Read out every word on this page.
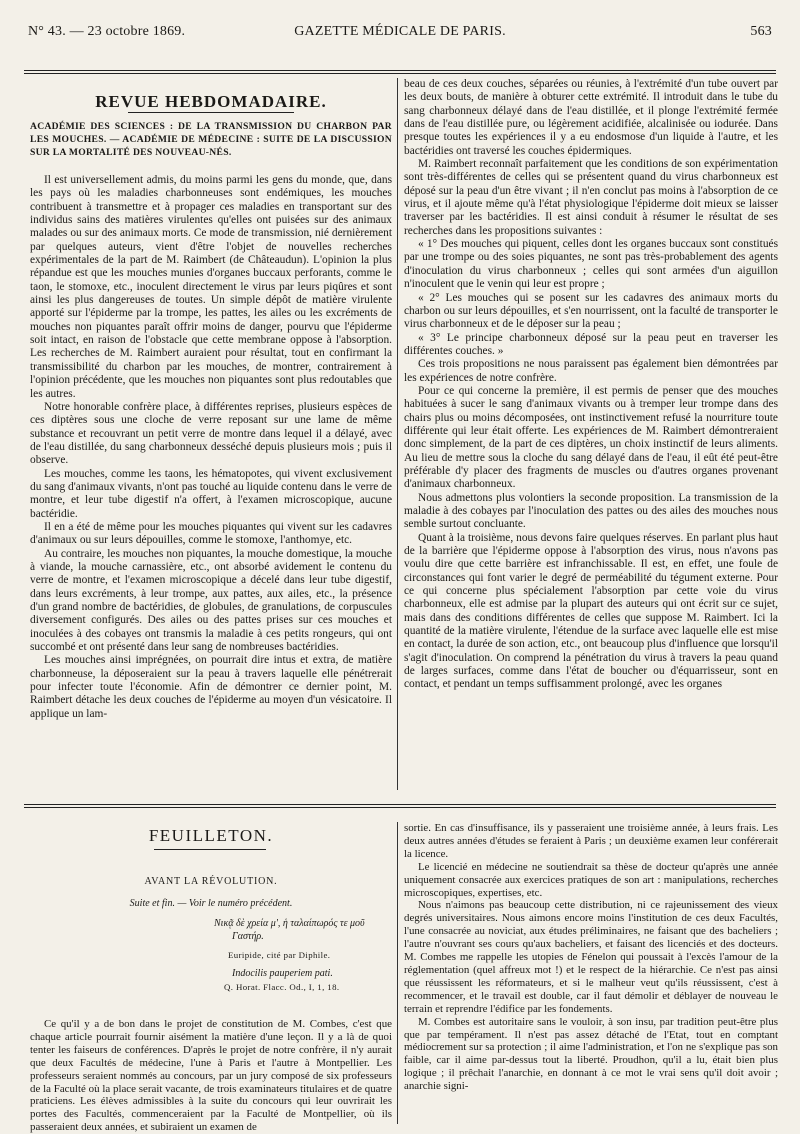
N° 43. — 23 octobre 1869.	GAZETTE MÉDICALE DE PARIS.	563
REVUE HEBDOMADAIRE.
ACADÉMIE DES SCIENCES : DE LA TRANSMISSION DU CHARBON PAR LES MOUCHES. — ACADÉMIE DE MÉDECINE : SUITE DE LA DISCUSSION SUR LA MORTALITÉ DES NOUVEAU-NÉS.

Il est universellement admis, du moins parmi les gens du monde, que, dans les pays où les maladies charbonneuses sont endémiques, les mouches contribuent à transmettre et à propager ces maladies en transportant sur des individus sains des matières virulentes qu'elles ont puisées sur des animaux malades ou sur des animaux morts. Ce mode de transmission, nié dernièrement par quelques auteurs, vient d'être l'objet de nouvelles recherches expérimentales de la part de M. Raimbert (de Châteaudun). L'opinion la plus répandue est que les mouches munies d'organes buccaux perforants, comme le taon, le stomoxe, etc., inoculent directement le virus par leurs piqûres et sont ainsi les plus dangereuses de toutes. Un simple dépôt de matière virulente apporté sur l'épiderme par la trompe, les pattes, les ailes ou les excréments de mouches non piquantes paraît offrir moins de danger, pourvu que l'épiderme soit intact, en raison de l'obstacle que cette membrane oppose à l'absorption. Les recherches de M. Raimbert auraient pour résultat, tout en confirmant la transmissibilité du charbon par les mouches, de montrer, contrairement à l'opinion précédente, que les mouches non piquantes sont plus redoutables que les autres.

Notre honorable confrère place, à différentes reprises, plusieurs espèces de ces diptères sous une cloche de verre reposant sur une lame de même substance et recouvrant un petit verre de montre dans lequel il a délayé, avec de l'eau distillée, du sang charbonneux desséché depuis plusieurs mois ; puis il observe.

Les mouches, comme les taons, les hématopotes, qui vivent exclusivement du sang d'animaux vivants, n'ont pas touché au liquide contenu dans le verre de montre, et leur tube digestif n'a offert, à l'examen microscopique, aucune bactéridie.

Il en a été de même pour les mouches piquantes qui vivent sur les cadavres d'animaux ou sur leurs dépouilles, comme le stomoxe, l'anthomye, etc.

Au contraire, les mouches non piquantes, la mouche domestique, la mouche à viande, la mouche carnassière, etc., ont absorbé avidement le contenu du verre de montre, et l'examen microscopique a décelé dans leur tube digestif, dans leurs excréments, à leur trompe, aux pattes, aux ailes, etc., la présence d'un grand nombre de bactéridies, de globules, de granulations, de corpuscules diversement configurés. Des ailes ou des pattes prises sur ces mouches et inoculées à des cobayes ont transmis la maladie à ces petits rongeurs, qui ont succombé et ont présenté dans leur sang de nombreuses bactéridies.

Les mouches ainsi imprégnées, on pourrait dire intus et extra, de matière charbonneuse, la déposeraient sur la peau à travers laquelle elle pénétrerait pour infecter toute l'économie. Afin de démontrer ce dernier point, M. Raimbert détache les deux couches de l'épiderme au moyen d'un vésicatoire. Il applique un lam-

beau de ces deux couches, séparées ou réunies, à l'extrémité d'un tube ouvert par les deux bouts, de manière à obturer cette extrémité. Il introduit dans le tube du sang charbonneux délayé dans de l'eau distillée, et il plonge l'extrémité fermée dans de l'eau distillée pure, ou légèrement acidifiée, alcalinisée ou iodurée. Dans presque toutes les expériences il y a eu endosmose d'un liquide à l'autre, et les bactéridies ont traversé les couches épidermiques.

M. Raimbert reconnaît parfaitement que les conditions de son expérimentation sont très-différentes de celles qui se présentent quand du virus charbonneux est déposé sur la peau d'un être vivant ; il n'en conclut pas moins à l'absorption de ce virus, et il ajoute même qu'à l'état physiologique l'épiderme doit mieux se laisser traverser par les bactéridies. Il est ainsi conduit à résumer le résultat de ses recherches dans les propositions suivantes :

« 1° Des mouches qui piquent, celles dont les organes buccaux sont constitués par une trompe ou des soies piquantes, ne sont pas très-probablement des agents d'inoculation du virus charbonneux ; celles qui sont armées d'un aiguillon n'inoculent que le venin qui leur est propre ;

« 2° Les mouches qui se posent sur les cadavres des animaux morts du charbon ou sur leurs dépouilles, et s'en nourrissent, ont la faculté de transporter le virus charbonneux et de le déposer sur la peau ;

« 3° Le principe charbonneux déposé sur la peau peut en traverser les différentes couches. »

Ces trois propositions ne nous paraissent pas également bien démontrées par les expériences de notre confrère.

Pour ce qui concerne la première, il est permis de penser que des mouches habituées à sucer le sang d'animaux vivants ou à tremper leur trompe dans des chairs plus ou moins décomposées, ont instinctivement refusé la nourriture toute différente qui leur était offerte. Les expériences de M. Raimbert démontreraient donc simplement, de la part de ces diptères, un choix instinctif de leurs aliments. Au lieu de mettre sous la cloche du sang délayé dans de l'eau, il eût été peut-être préférable d'y placer des fragments de muscles ou d'autres organes provenant d'animaux charbonneux.

Nous admettons plus volontiers la seconde proposition. La transmission de la maladie à des cobayes par l'inoculation des pattes ou des ailes des mouches nous semble surtout concluante.

Quant à la troisième, nous devons faire quelques réserves. En parlant plus haut de la barrière que l'épiderme oppose à l'absorption des virus, nous n'avons pas voulu dire que cette barrière est infranchissable. Il est, en effet, une foule de circonstances qui font varier le degré de perméabilité du tégument externe. Pour ce qui concerne plus spécialement l'absorption par cette voie du virus charbonneux, elle est admise par la plupart des auteurs qui ont écrit sur ce sujet, mais dans des conditions différentes de celles que suppose M. Raimbert. Ici la quantité de la matière virulente, l'étendue de la surface avec laquelle elle est mise en contact, la durée de son action, etc., ont beaucoup plus d'influence que lorsqu'il s'agit d'inoculation. On comprend la pénétration du virus à travers la peau quand de larges surfaces, comme dans l'état de boucher ou d'équarrisseur, sont en contact, et pendant un temps suffisamment prolongé, avec les organes

FEUILLETON.
AVANT LA RÉVOLUTION.
Suite et fin. — Voir le numéro précédent.
Νικᾷ δὲ χρεία μ', ἡ ταλαίπωρός τε μοῦ
Γαστήρ.
Euripide, cité par Diphile.
Indocilis pauperiem pati.
Q. Horat. Flacc. Od., I, 1, 18.

Ce qu'il y a de bon dans le projet de constitution de M. Combes, c'est que chaque article pourrait fournir aisément la matière d'une leçon. Il y a là de quoi tenter les faiseurs de conférences. D'après le projet de notre confrère, il n'y aurait que deux Facultés de médecine, l'une à Paris et l'autre à Montpellier. Les professeurs seraient nommés au concours, par un jury composé de six professeurs de la Faculté où la place serait vacante, de trois examinateurs titulaires et de quatre praticiens. Les élèves admissibles à la suite du concours qui leur ouvrirait les portes des Facultés, commenceraient par la Faculté de Montpellier, où ils passeraient deux années, et subiraient un examen de

sortie. En cas d'insuffisance, ils y passeraient une troisième année, à leurs frais. Les deux autres années d'études se feraient à Paris ; un deuxième examen leur conférerait la licence.

Le licencié en médecine ne soutiendrait sa thèse de docteur qu'après une année uniquement consacrée aux exercices pratiques de son art : manipulations, recherches microscopiques, expertises, etc.

Nous n'aimons pas beaucoup cette distribution, ni ce rajeunissement des vieux degrés universitaires. Nous aimons encore moins l'institution de ces deux Facultés, l'une consacrée au noviciat, aux études préliminaires, ne faisant que des bacheliers ; l'autre n'ouvrant ses cours qu'aux bacheliers, et faisant des licenciés et des docteurs. M. Combes me rappelle les utopies de Fénelon qui poussait à l'excès l'amour de la réglementation (quel affreux mot !) et le respect de la hiérarchie. Ce n'est pas ainsi que réussissent les réformateurs, et si le malheur veut qu'ils réussissent, c'est à recommencer, et le travail est double, car il faut démolir et déblayer de nouveau le terrain et reprendre l'édifice par les fondements.

M. Combes est autoritaire sans le vouloir, à son insu, par tradition peut-être plus que par tempérament. Il n'est pas assez détaché de l'Etat, tout en comptant médiocrement sur sa protection ; il aime l'administration, et l'on ne s'explique pas son faible, car il aime par-dessus tout la liberté. Proudhon, qu'il a lu, était bien plus logique ; il prêchait l'anarchie, en donnant à ce mot le vrai sens qu'il doit avoir ; anarchie signi-
